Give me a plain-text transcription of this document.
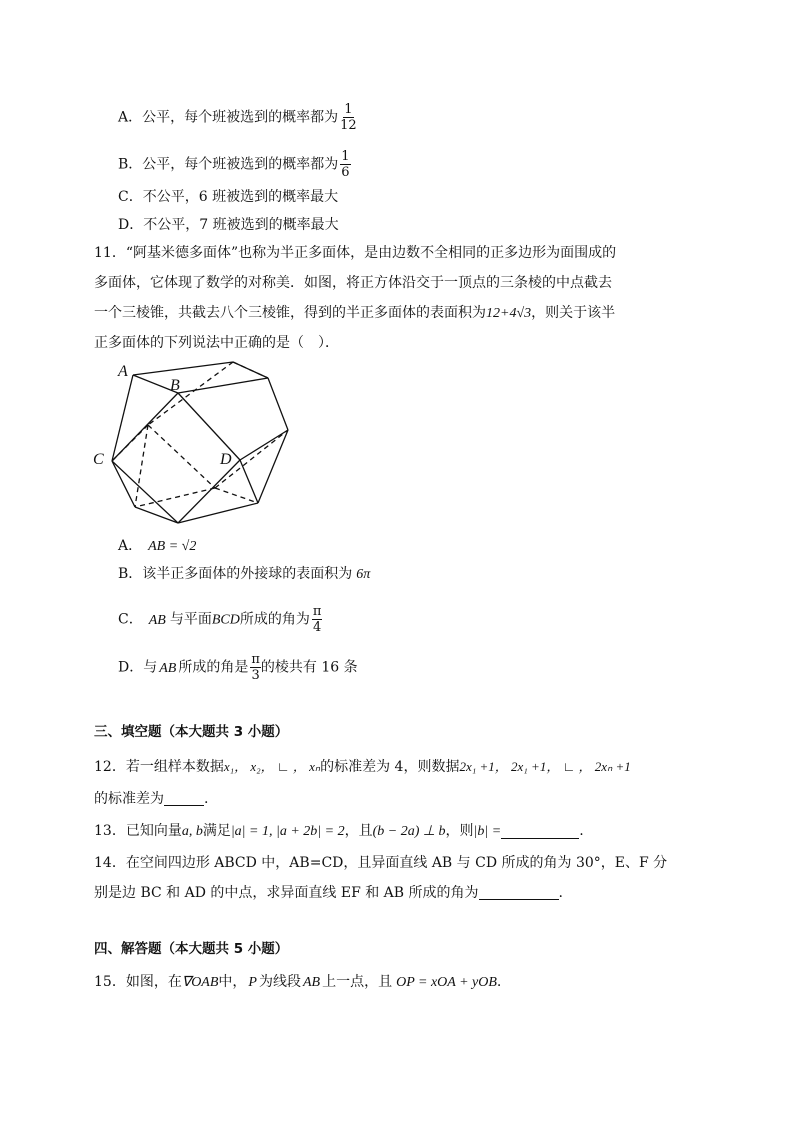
A．公平，每个班被选到的概率都为 $\frac{1}{12}$
B．公平，每个班被选到的概率都为 $\frac{1}{6}$
C．不公平，6 班被选到的概率最大
D．不公平，7 班被选到的概率最大
11．“阿基米德多面体”也称为半正多面体，是由边数不全相同的正多边形为面围成的
多面体，它体现了数学的对称美．如图，将正方体沿交于一顶点的三条棱的中点截去
一个三棱锥，共截去八个三棱锥，得到的半正多面体的表面积为12+4√3，则关于该半
正多面体的下列说法中正确的是（　）．
A
B
C	D
A． AB = √2
B．该半正多面体的外接球的表面积为 6π
C． AB 与平面BCD所成的角为 $\frac{\pi}{4}$
D．与 AB 所成的角是 $\frac{\pi}{3}$ 的棱共有 16 条
三、填空题（本大题共 3 小题）
12．若一组样本数据x₁， x₂， ∟ ， xₙ的标准差为 4，则数据2x₁ +1， 2x₁ +1， ∟ ， 2xₙ +1
的标准差为	.
13．已知向量a, b满足|a| = 1, |a + 2b| = 2，且(b − 2a) ⊥ b，则|b| =	.
14．在空间四边形 ABCD 中，AB=CD，且异面直线 AB 与 CD 所成的角为 30°，E、F 分
别是边 BC 和 AD 的中点，求异面直线 EF 和 AB 所成的角为	.
四、解答题（本大题共 5 小题）
15．如图，在∇OAB中， P 为线段 AB 上一点，且 OP = xOA + yOB.
